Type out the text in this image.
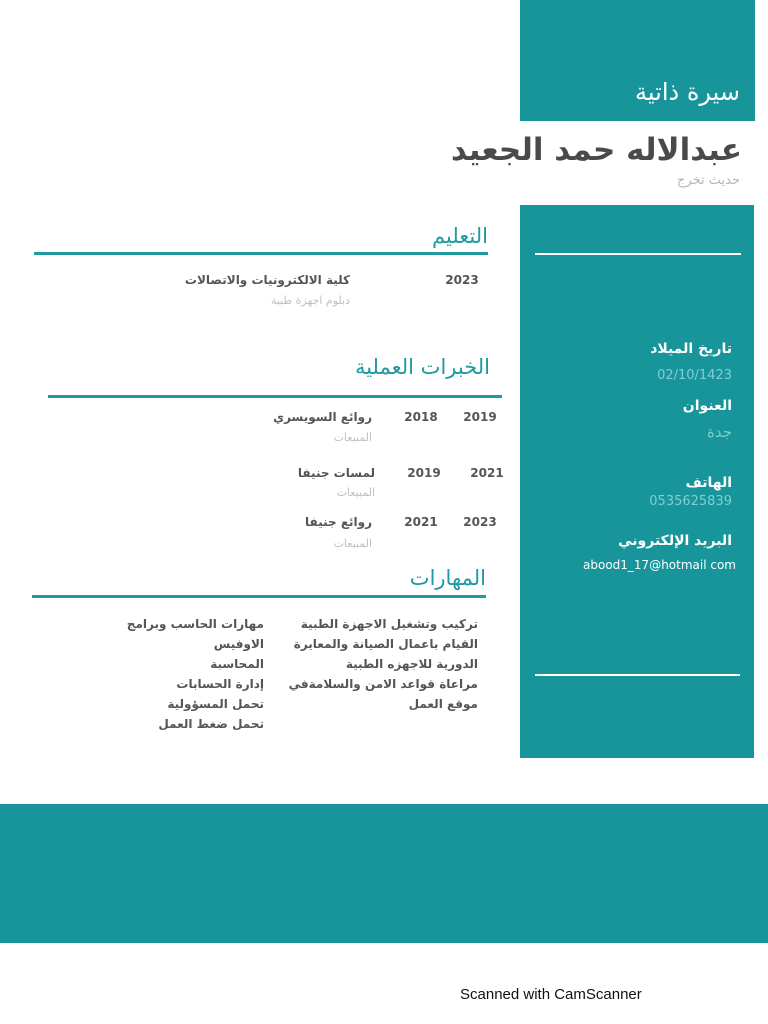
سيرة ذاتية
عبدالاله حمد الجعيد
حديث تخرج
تاريخ الميلاد
02/10/1423
العنوان
جدة
الهاتف
0535625839
البريد الإلكتروني
abood1_17@hotmail com
التعليم
2023
كلية الالكترونيات والاتصالات
دبلوم اجهزة طبية
الخبرات العملية
2019
2018
روائع السويسري
المبيعات
2021
2019
لمسات جنيفا
المبيعات
2023
2021
روائع جنيفا
المبيعات
المهارات
تركيب وتشغيل الاجهزة الطبية
القيام باعمال الصيانة والمعايرة
الدورية للاجهزه الطبية
مراعاة قواعد الامن والسلامةفي
موقع العمل
مهارات الحاسب وبرامج
الاوفيس
المحاسبة
إدارة الحسابات
تحمل المسؤولية
تحمل ضغط العمل
Scanned with CamScanner
